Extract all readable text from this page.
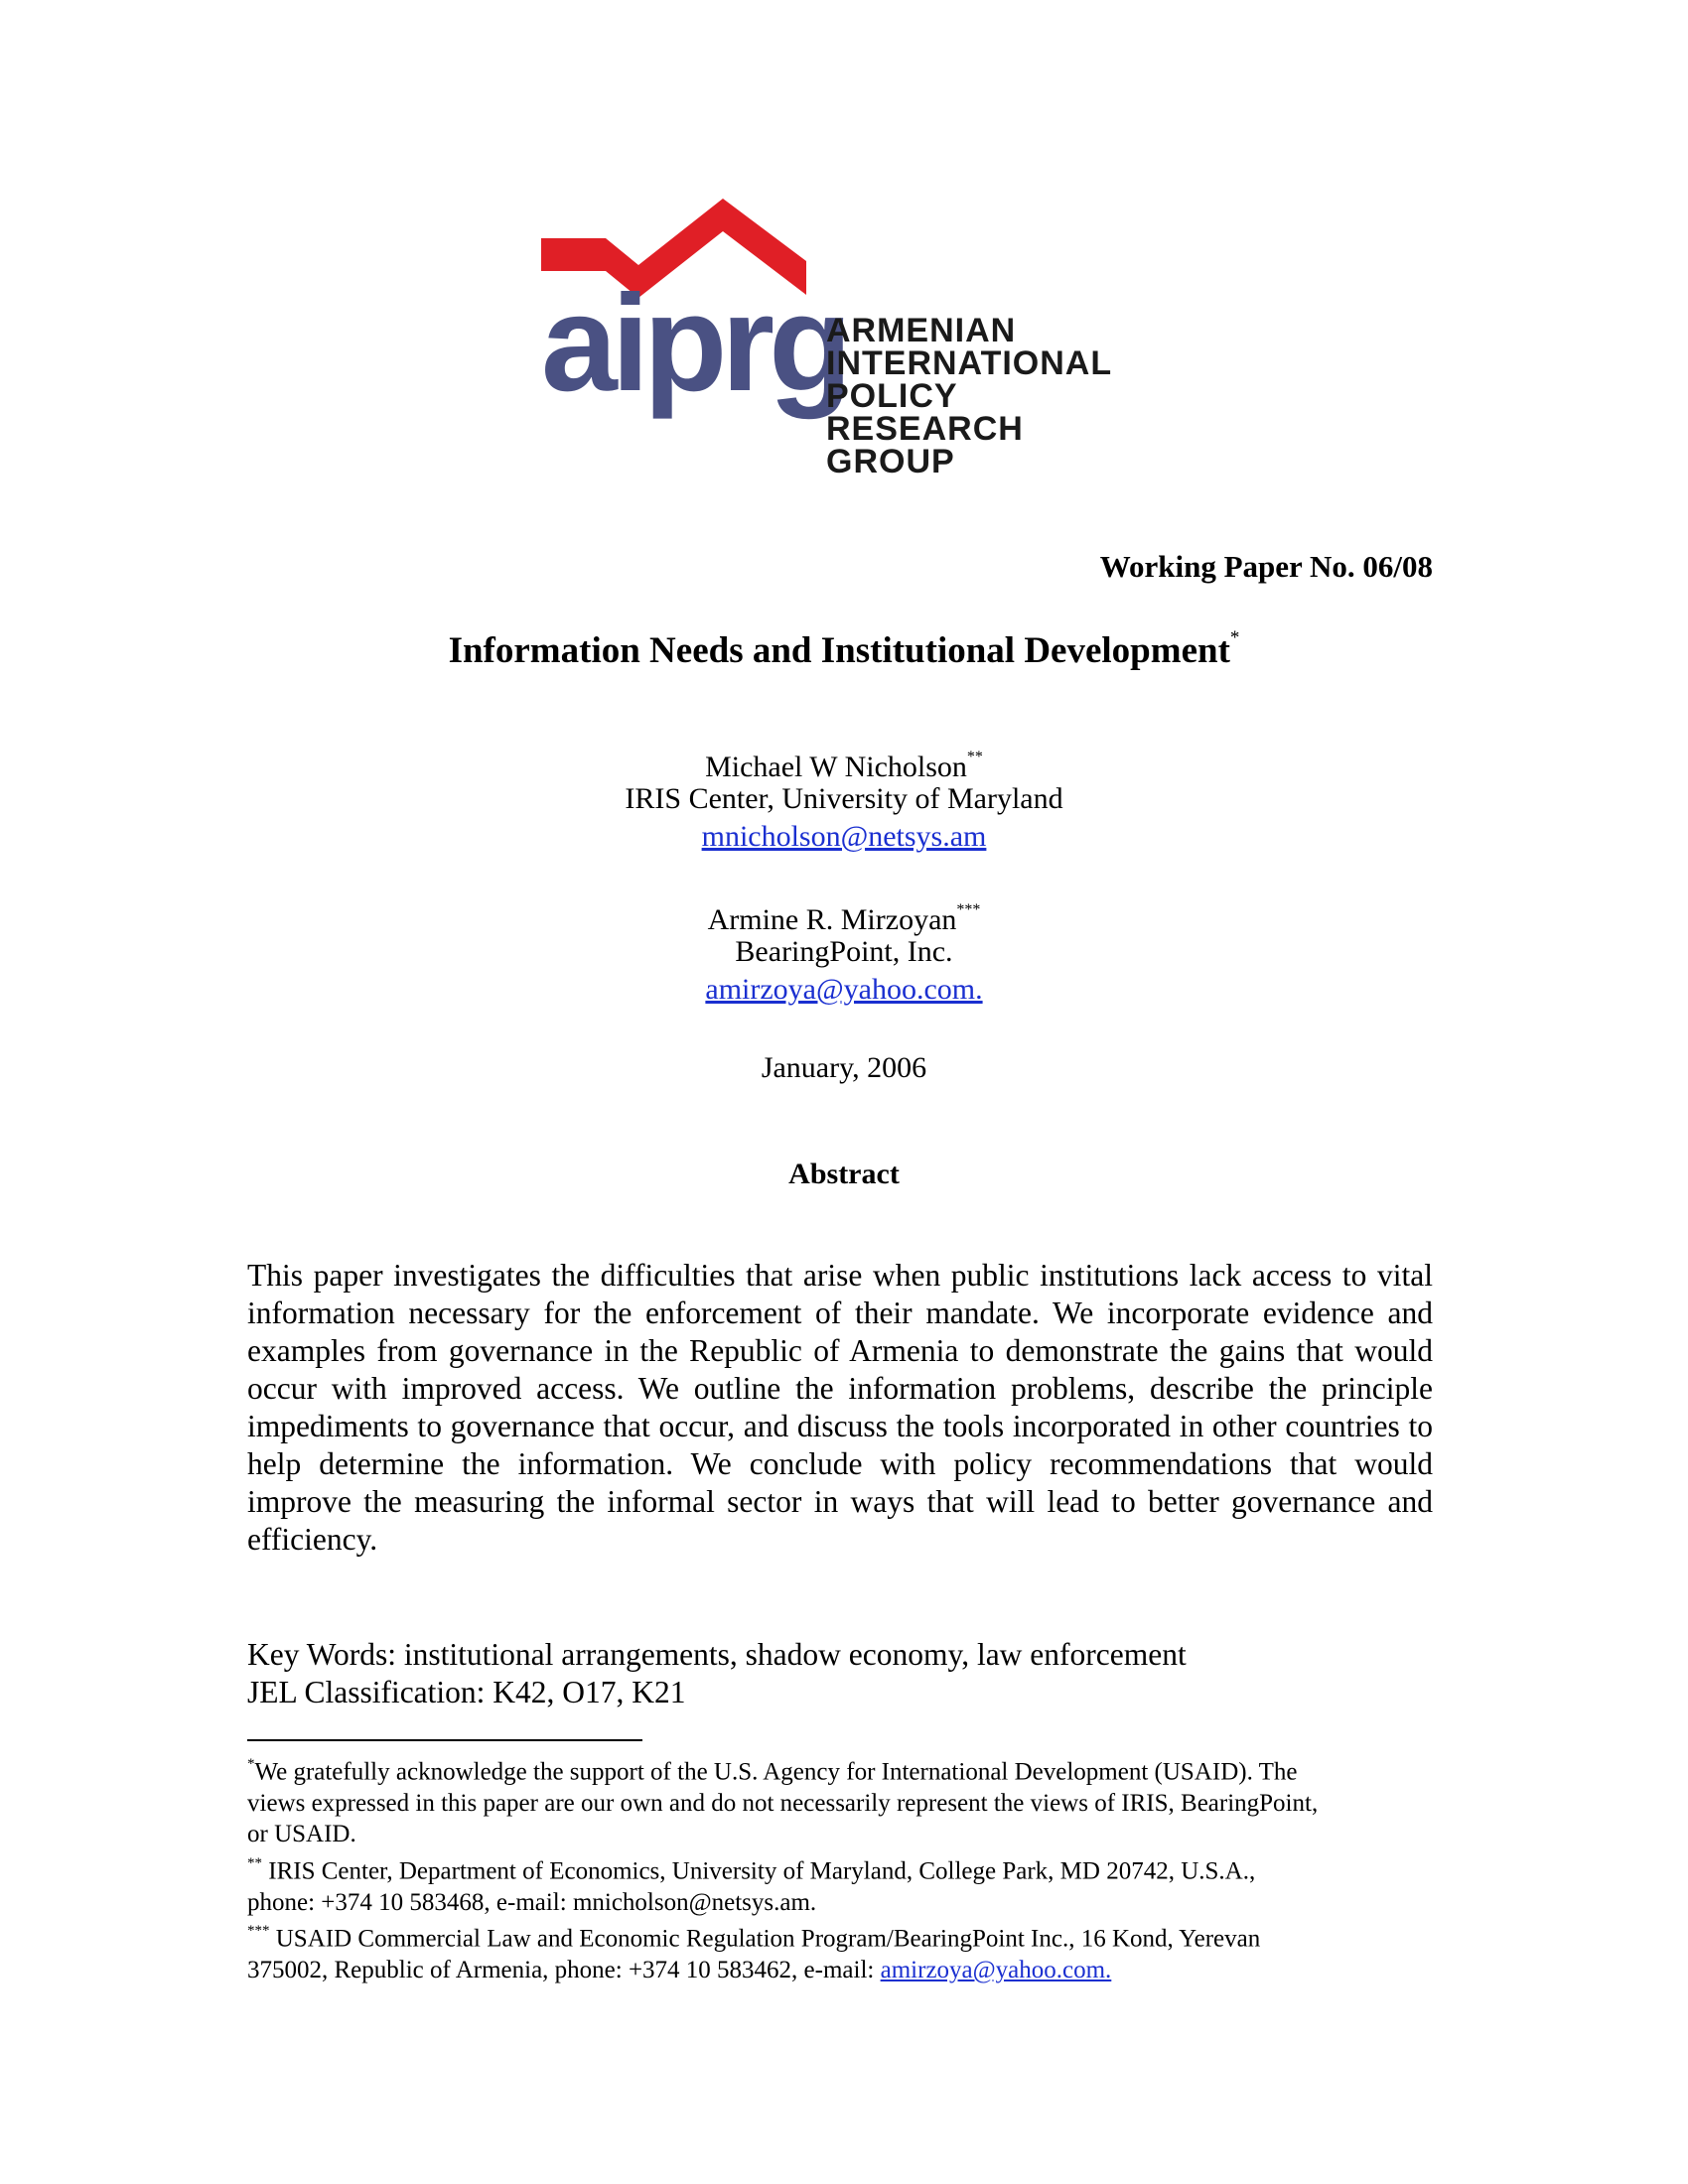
aiprg
ARMENIAN
INTERNATIONAL
POLICY
RESEARCH
GROUP
Working Paper No. 06/08
Information Needs and Institutional Development*
Michael W Nicholson**
IRIS Center, University of Maryland
mnicholson@netsys.am
Armine R. Mirzoyan***
BearingPoint, Inc.
amirzoya@yahoo.com.
January, 2006
Abstract
This paper investigates the difficulties that arise when public institutions lack access to vital information necessary for the enforcement of their mandate. We incorporate evidence and examples from governance in the Republic of Armenia to demonstrate the gains that would occur with improved access. We outline the information problems, describe the principle impediments to governance that occur, and discuss the tools incorporated in other countries to help determine the information. We conclude with policy recommendations that would improve the measuring the informal sector in ways that will lead to better governance and efficiency.
Key Words: institutional arrangements, shadow economy, law enforcement
JEL Classification: K42, O17, K21

*We gratefully acknowledge the support of the U.S. Agency for International Development (USAID). The
views expressed in this paper are our own and do not necessarily represent the views of IRIS, BearingPoint,
or USAID.

** IRIS Center, Department of Economics, University of Maryland, College Park, MD 20742, U.S.A.,
phone: +374 10 583468, e-mail: mnicholson@netsys.am.

*** USAID Commercial Law and Economic Regulation Program/BearingPoint Inc., 16 Kond, Yerevan
375002, Republic of Armenia, phone: +374 10 583462, e-mail: amirzoya@yahoo.com.
